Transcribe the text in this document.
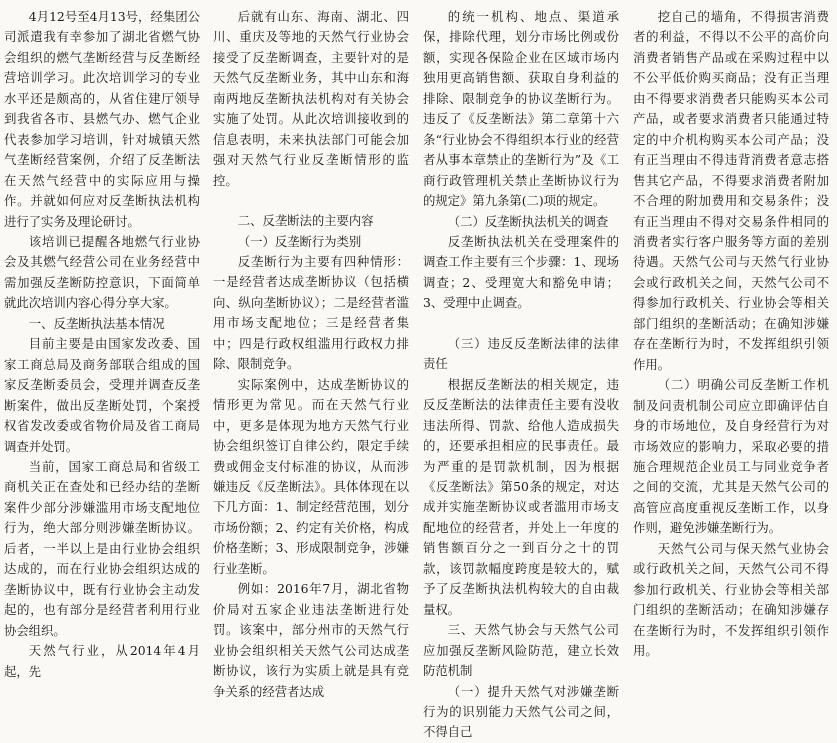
4月12号至4月13号，经集团公司派遣我有幸参加了湖北省燃气协会组织的燃气垄断经营与反垄断经营培训学习。此次培训学习的专业水平还是颇高的，从省住建厅领导到我省各市、县燃气办、燃气企业代表参加学习培训，针对城镇天然气垄断经营案例，介绍了反垄断法在天然气经营中的实际应用与操作。并就如何应对反垄断执法机构进行了实务及理论研讨。

该培训已提醒各地燃气行业协会及其燃气经营公司在业务经营中需加强反垄断防控意识，下面简单就此次培训内容心得分享大家。

一、反垄断执法基本情况

目前主要是由国家发改委、国家工商总局及商务部联合组成的国家反垄断委员会，受理并调查反垄断案件，做出反垄断处罚，个案授权省发改委或省物价局及省工商局调查并处罚。

当前，国家工商总局和省级工商机关正在查处和已经办结的垄断案件少部分涉嫌滥用市场支配地位行为，绝大部分则涉嫌垄断协议。后者，一半以上是由行业协会组织达成的，而在行业协会组织达成的垄断协议中，既有行业协会主动发起的，也有部分是经营者利用行业协会组织。

天然气行业，从2014年4月起，先

后就有山东、海南、湖北、四川、重庆及等地的天然气行业协会接受了反垄断调查，主要针对的是天然气反垄断业务，其中山东和海南两地反垄断执法机构对有关协会实施了处罚。从此次培训接收到的信息表明，未来执法部门可能会加强对天然气行业反垄断情形的监控。

二、反垄断法的主要内容

（一）反垄断行为类别

反垄断行为主要有四种情形：一是经营者达成垄断协议（包括横向、纵向垄断协议）；二是经营者滥用市场支配地位；三是经营者集中；四是行政权组滥用行政权力排除、限制竞争。

实际案例中，达成垄断协议的情形更为常见。而在天然气行业中，更多是体现为地方天然气行业协会组织签订自律公约，限定手续费或佣金支付标准的协议，从而涉嫌违反《反垄断法》。具体体现在以下几方面：1、制定经营范围，划分市场份额；2、约定有关价格，构成价格垄断；3、形成限制竞争，涉嫌行业垄断。

例如：2016年7月，湖北省物价局对五家企业违法垄断进行处罚。该案中，部分州市的天然气行业协会组织相关天然气公司达成垄断协议，该行为实质上就是具有竞争关系的经营者达成

的统一机构、地点、渠道承保，排除代理，划分市场比例或份额，实现各保险企业在区域市场内独用更高销售额、获取自身利益的排除、限制竞争的协议垄断行为。违反了《反垄断法》第二章第十六条“行业协会不得组织本行业的经营者从事本章禁止的垄断行为”及《工商行政管理机关禁止垄断协议行为的规定》第九条第(二)项的规定。

（二）反垄断执法机关的调查

反垄断执法机关在受理案件的调查工作主要有三个步骤：1、现场调查；2、受理宽大和豁免申请；3、受理中止调查。

（三）违反反垄断法律的法律责任

根据反垄断法的相关规定，违反反垄断法的法律责任主要有没收违法所得、罚款、给他人造成损失的，还要承担相应的民事责任。最为严重的是罚款机制，因为根据《反垄断法》第50条的规定，对达成并实施垄断协议或者滥用市场支配地位的经营者，并处上一年度的销售额百分之一到百分之十的罚款，该罚款幅度跨度是较大的，赋予了反垄断执法机构较大的自由裁量权。

三、天然气协会与天然气公司应加强反垄断风险防范，建立长效防范机制

（一）提升天然气对涉嫌垄断行为的识别能力天然气公司之间，不得自己

挖自己的墙角，不得损害消费者的利益，不得以不公平的高价向消费者销售产品或在采购过程中以不公平低价购买商品；没有正当理由不得要求消费者只能购买本公司产品，或者要求消费者只能通过特定的中介机构购买本公司产品；没有正当理由不得违背消费者意志搭售其它产品，不得要求消费者附加不合理的附加费用和交易条件；没有正当理由不得对交易条件相同的消费者实行客户服务等方面的差别待遇。天然气公司与天然气行业协会或行政机关之间，天然气公司不得参加行政机关、行业协会等相关部门组织的垄断活动；在确知涉嫌存在垄断行为时，不发挥组织引领作用。

（二）明确公司反垄断工作机制及问责机制公司应立即确评估自身的市场地位，及自身经营行为对市场效应的影响力，采取必要的措施合理规范企业员工与同业竞争者之间的交流，尤其是天然气公司的高管应高度重视反垄断工作，以身作则，避免涉嫌垄断行为。

天然气公司与保天然气业协会或行政机关之间，天然气公司不得参加行政机关、行业协会等相关部门组织的垄断活动；在确知涉嫌存在垄断行为时，不发挥组织引领作用。
